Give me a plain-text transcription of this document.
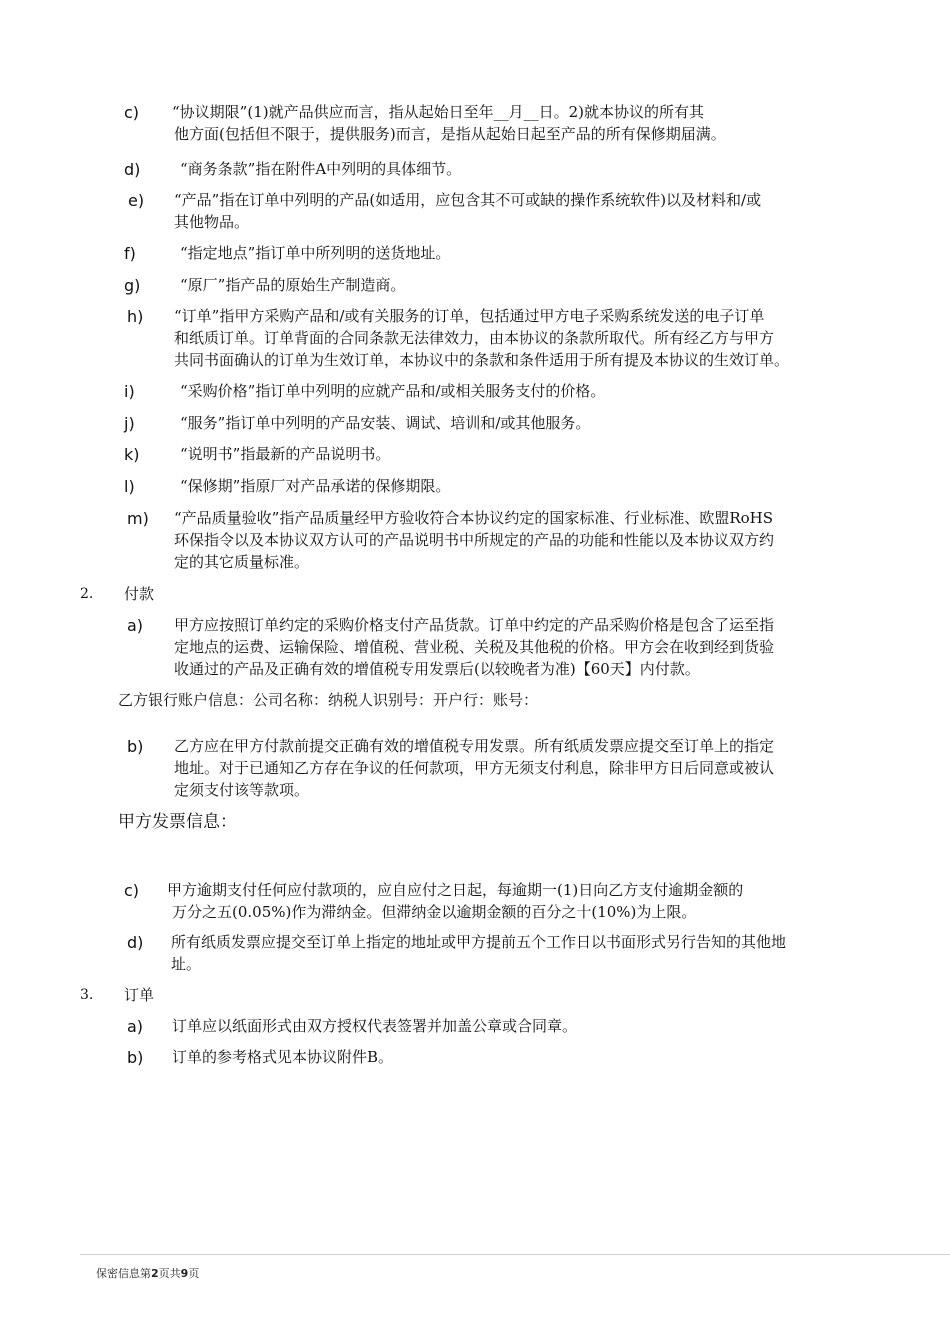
c) “协议期限”(1)就产品供应而言，指从起始日至年__月__日。2)就本协议的所有其
他方面(包括但不限于，提供服务)而言，是指从起始日起至产品的所有保修期届满。
d)	“商务条款”指在附件A中列明的具体细节。
e) “产品”指在订单中列明的产品(如适用，应包含其不可或缺的操作系统软件)以及材料和/或
其他物品。
f)	“指定地点”指订单中所列明的送货地址。
g)	“原厂”指产品的原始生产制造商。
h) “订单”指甲方采购产品和/或有关服务的订单，包括通过甲方电子采购系统发送的电子订单
和纸质订单。订单背面的合同条款无法律效力，由本协议的条款所取代。所有经乙方与甲方
共同书面确认的订单为生效订单，本协议中的条款和条件适用于所有提及本协议的生效订单。
i)	“采购价格”指订单中列明的应就产品和/或相关服务支付的价格。
j)	“服务”指订单中列明的产品安装、调试、培训和/或其他服务。
k)	“说明书”指最新的产品说明书。
l)	“保修期”指原厂对产品承诺的保修期限。
m) “产品质量验收”指产品质量经甲方验收符合本协议约定的国家标准、行业标准、欧盟RoHS
环保指令以及本协议双方认可的产品说明书中所规定的产品的功能和性能以及本协议双方约
定的其它质量标准。
2. 付款
a) 甲方应按照订单约定的采购价格支付产品货款。订单中约定的产品采购价格是包含了运至指
定地点的运费、运输保险、增值税、营业税、关税及其他税的价格。甲方会在收到经到货验
收通过的产品及正确有效的增值税专用发票后(以较晚者为准)【60天】内付款。
乙方银行账户信息：公司名称：纳税人识别号：开户行：账号：
b) 乙方应在甲方付款前提交正确有效的增值税专用发票。所有纸质发票应提交至订单上的指定
地址。对于已通知乙方存在争议的任何款项，甲方无须支付利息，除非甲方日后同意或被认
定须支付该等款项。
甲方发票信息：
c) 甲方逾期支付任何应付款项的，应自应付之日起，每逾期一(1)日向乙方支付逾期金额的
万分之五(0.05%)作为滞纳金。但滞纳金以逾期金额的百分之十(10%)为上限。
d) 所有纸质发票应提交至订单上指定的地址或甲方提前五个工作日以书面形式另行告知的其他地
址。
3. 订单
a) 订单应以纸面形式由双方授权代表签署并加盖公章或合同章。
b) 订单的参考格式见本协议附件B。
保密信息第2页共9页
